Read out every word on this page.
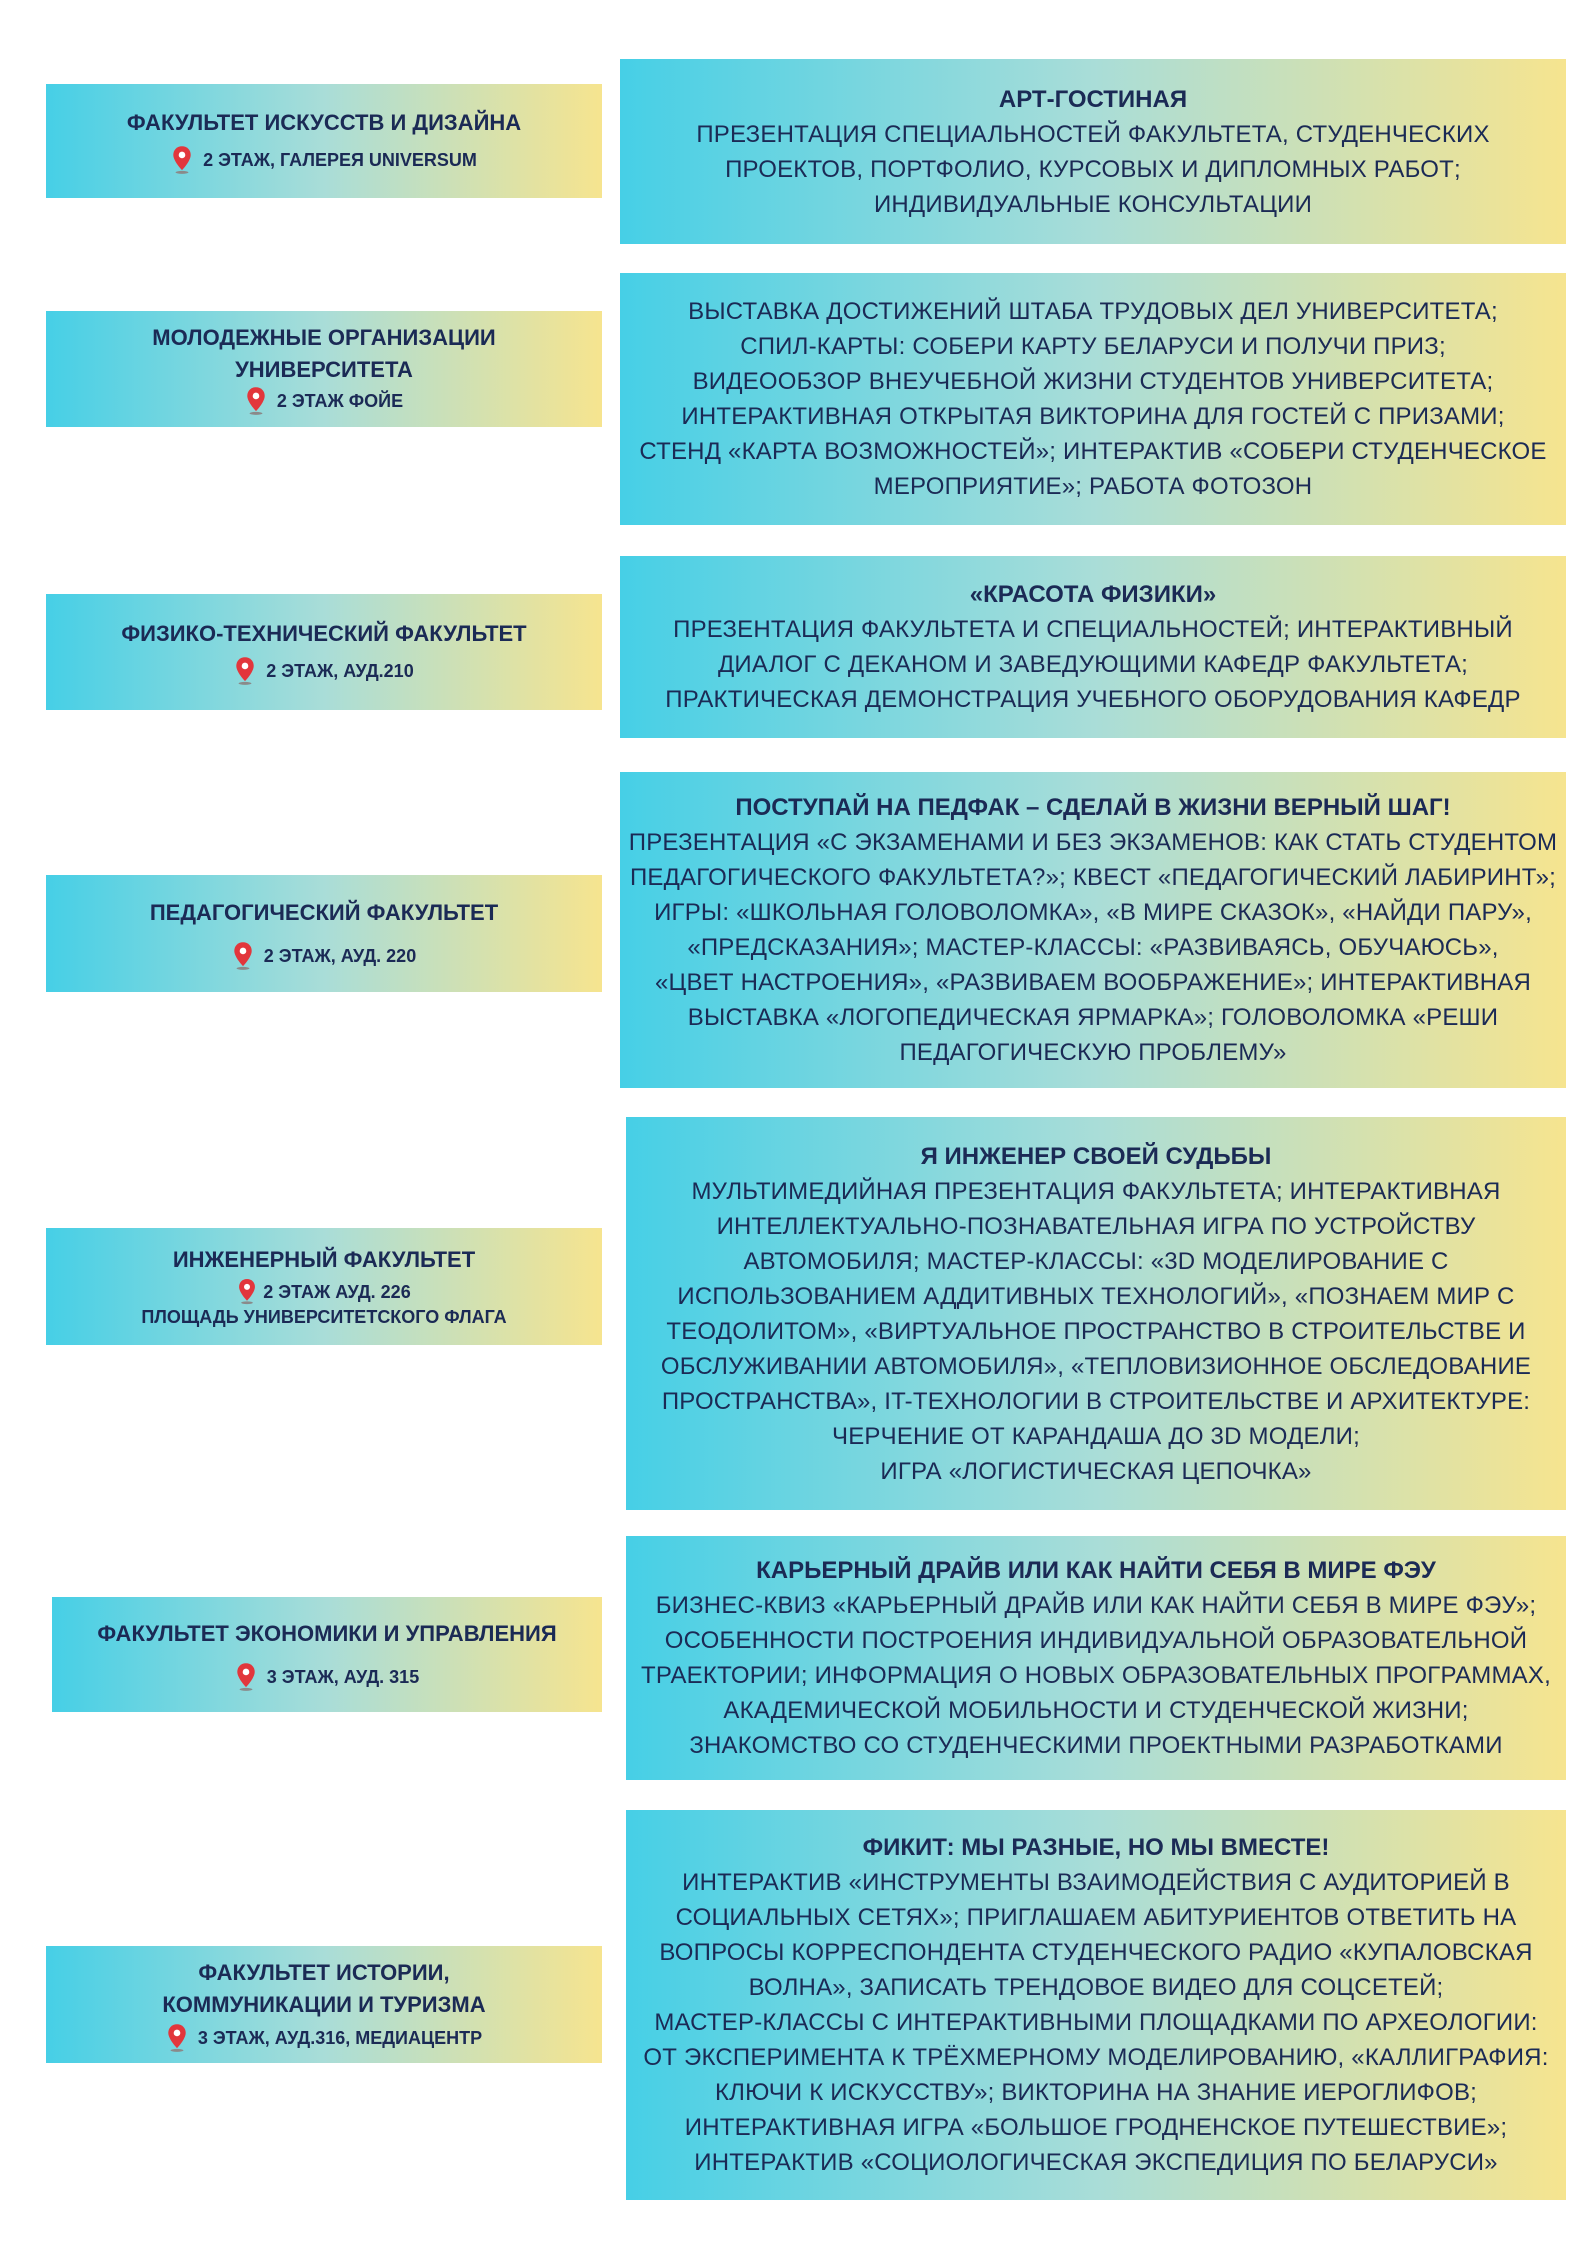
ФАКУЛЬТЕТ ИСКУССТВ И ДИЗАЙНА
2 ЭТАЖ, ГАЛЕРЕЯ UNIVERSUM
АРТ-ГОСТИНАЯ
ПРЕЗЕНТАЦИЯ СПЕЦИАЛЬНОСТЕЙ ФАКУЛЬТЕТА, СТУДЕНЧЕСКИХ
ПРОЕКТОВ, ПОРТФОЛИО, КУРСОВЫХ И ДИПЛОМНЫХ РАБОТ;
ИНДИВИДУАЛЬНЫЕ КОНСУЛЬТАЦИИ
МОЛОДЕЖНЫЕ ОРГАНИЗАЦИИ
УНИВЕРСИТЕТА
2 ЭТАЖ ФОЙЕ
ВЫСТАВКА ДОСТИЖЕНИЙ ШТАБА ТРУДОВЫХ ДЕЛ УНИВЕРСИТЕТА;
СПИЛ-КАРТЫ: СОБЕРИ КАРТУ БЕЛАРУСИ И ПОЛУЧИ ПРИЗ;
ВИДЕООБЗОР ВНЕУЧЕБНОЙ ЖИЗНИ СТУДЕНТОВ УНИВЕРСИТЕТА;
ИНТЕРАКТИВНАЯ ОТКРЫТАЯ ВИКТОРИНА ДЛЯ ГОСТЕЙ С ПРИЗАМИ;
СТЕНД «КАРТА ВОЗМОЖНОСТЕЙ»; ИНТЕРАКТИВ «СОБЕРИ СТУДЕНЧЕСКОЕ
МЕРОПРИЯТИЕ»; РАБОТА ФОТОЗОН
ФИЗИКО-ТЕХНИЧЕСКИЙ ФАКУЛЬТЕТ
2 ЭТАЖ, АУД.210
«КРАСОТА ФИЗИКИ»
ПРЕЗЕНТАЦИЯ ФАКУЛЬТЕТА И СПЕЦИАЛЬНОСТЕЙ; ИНТЕРАКТИВНЫЙ
ДИАЛОГ С ДЕКАНОМ И ЗАВЕДУЮЩИМИ КАФЕДР ФАКУЛЬТЕТА;
ПРАКТИЧЕСКАЯ ДЕМОНСТРАЦИЯ УЧЕБНОГО ОБОРУДОВАНИЯ КАФЕДР
ПЕДАГОГИЧЕСКИЙ ФАКУЛЬТЕТ
2 ЭТАЖ, АУД. 220
ПОСТУПАЙ НА ПЕДФАК – СДЕЛАЙ В ЖИЗНИ ВЕРНЫЙ ШАГ!
ПРЕЗЕНТАЦИЯ «С ЭКЗАМЕНАМИ И БЕЗ ЭКЗАМЕНОВ: КАК СТАТЬ СТУДЕНТОМ
ПЕДАГОГИЧЕСКОГО ФАКУЛЬТЕТА?»; КВЕСТ «ПЕДАГОГИЧЕСКИЙ ЛАБИРИНТ»;
ИГРЫ: «ШКОЛЬНАЯ ГОЛОВОЛОМКА», «В МИРЕ СКАЗОК», «НАЙДИ ПАРУ»,
«ПРЕДСКАЗАНИЯ»; МАСТЕР-КЛАССЫ: «РАЗВИВАЯСЬ, ОБУЧАЮСЬ»,
«ЦВЕТ НАСТРОЕНИЯ», «РАЗВИВАЕМ ВООБРАЖЕНИЕ»; ИНТЕРАКТИВНАЯ
ВЫСТАВКА «ЛОГОПЕДИЧЕСКАЯ ЯРМАРКА»; ГОЛОВОЛОМКА «РЕШИ
ПЕДАГОГИЧЕСКУЮ ПРОБЛЕМУ»
ИНЖЕНЕРНЫЙ ФАКУЛЬТЕТ
2 ЭТАЖ АУД. 226
ПЛОЩАДЬ УНИВЕРСИТЕТСКОГО ФЛАГА
Я ИНЖЕНЕР СВОЕЙ СУДЬБЫ
МУЛЬТИМЕДИЙНАЯ ПРЕЗЕНТАЦИЯ ФАКУЛЬТЕТА; ИНТЕРАКТИВНАЯ
ИНТЕЛЛЕКТУАЛЬНО-ПОЗНАВАТЕЛЬНАЯ ИГРА ПО УСТРОЙСТВУ
АВТОМОБИЛЯ; МАСТЕР-КЛАССЫ: «3D МОДЕЛИРОВАНИЕ С
ИСПОЛЬЗОВАНИЕМ АДДИТИВНЫХ ТЕХНОЛОГИЙ», «ПОЗНАЕМ МИР С
ТЕОДОЛИТОМ», «ВИРТУАЛЬНОЕ ПРОСТРАНСТВО В СТРОИТЕЛЬСТВЕ И
ОБСЛУЖИВАНИИ АВТОМОБИЛЯ», «ТЕПЛОВИЗИОННОЕ ОБСЛЕДОВАНИЕ
ПРОСТРАНСТВА», IT-ТЕХНОЛОГИИ В СТРОИТЕЛЬСТВЕ И АРХИТЕКТУРЕ:
ЧЕРЧЕНИЕ ОТ КАРАНДАША ДО 3D МОДЕЛИ;
ИГРА «ЛОГИСТИЧЕСКАЯ ЦЕПОЧКА»
ФАКУЛЬТЕТ ЭКОНОМИКИ И УПРАВЛЕНИЯ
3 ЭТАЖ, АУД. 315
КАРЬЕРНЫЙ ДРАЙВ ИЛИ КАК НАЙТИ СЕБЯ В МИРЕ ФЭУ
БИЗНЕС-КВИЗ «КАРЬЕРНЫЙ ДРАЙВ ИЛИ КАК НАЙТИ СЕБЯ В МИРЕ ФЭУ»;
ОСОБЕННОСТИ ПОСТРОЕНИЯ ИНДИВИДУАЛЬНОЙ ОБРАЗОВАТЕЛЬНОЙ
ТРАЕКТОРИИ; ИНФОРМАЦИЯ О НОВЫХ ОБРАЗОВАТЕЛЬНЫХ ПРОГРАММАХ,
АКАДЕМИЧЕСКОЙ МОБИЛЬНОСТИ И СТУДЕНЧЕСКОЙ ЖИЗНИ;
ЗНАКОМСТВО СО СТУДЕНЧЕСКИМИ ПРОЕКТНЫМИ РАЗРАБОТКАМИ
ФАКУЛЬТЕТ ИСТОРИИ,
КОММУНИКАЦИИ И ТУРИЗМА
3 ЭТАЖ, АУД.316, МЕДИАЦЕНТР
ФИКИТ: МЫ РАЗНЫЕ, НО МЫ ВМЕСТЕ!
ИНТЕРАКТИВ «ИНСТРУМЕНТЫ ВЗАИМОДЕЙСТВИЯ С АУДИТОРИЕЙ В
СОЦИАЛЬНЫХ СЕТЯХ»; ПРИГЛАШАЕМ АБИТУРИЕНТОВ ОТВЕТИТЬ НА
ВОПРОСЫ КОРРЕСПОНДЕНТА СТУДЕНЧЕСКОГО РАДИО «КУПАЛОВСКАЯ
ВОЛНА», ЗАПИСАТЬ ТРЕНДОВОЕ ВИДЕО ДЛЯ СОЦСЕТЕЙ;
МАСТЕР-КЛАССЫ С ИНТЕРАКТИВНЫМИ ПЛОЩАДКАМИ ПО АРХЕОЛОГИИ:
ОТ ЭКСПЕРИМЕНТА К ТРЁХМЕРНОМУ МОДЕЛИРОВАНИЮ, «КАЛЛИГРАФИЯ:
КЛЮЧИ К ИСКУССТВУ»; ВИКТОРИНА НА ЗНАНИЕ ИЕРОГЛИФОВ;
ИНТЕРАКТИВНАЯ ИГРА «БОЛЬШОЕ ГРОДНЕНСКОЕ ПУТЕШЕСТВИЕ»;
ИНТЕРАКТИВ «СОЦИОЛОГИЧЕСКАЯ ЭКСПЕДИЦИЯ ПО БЕЛАРУСИ»
